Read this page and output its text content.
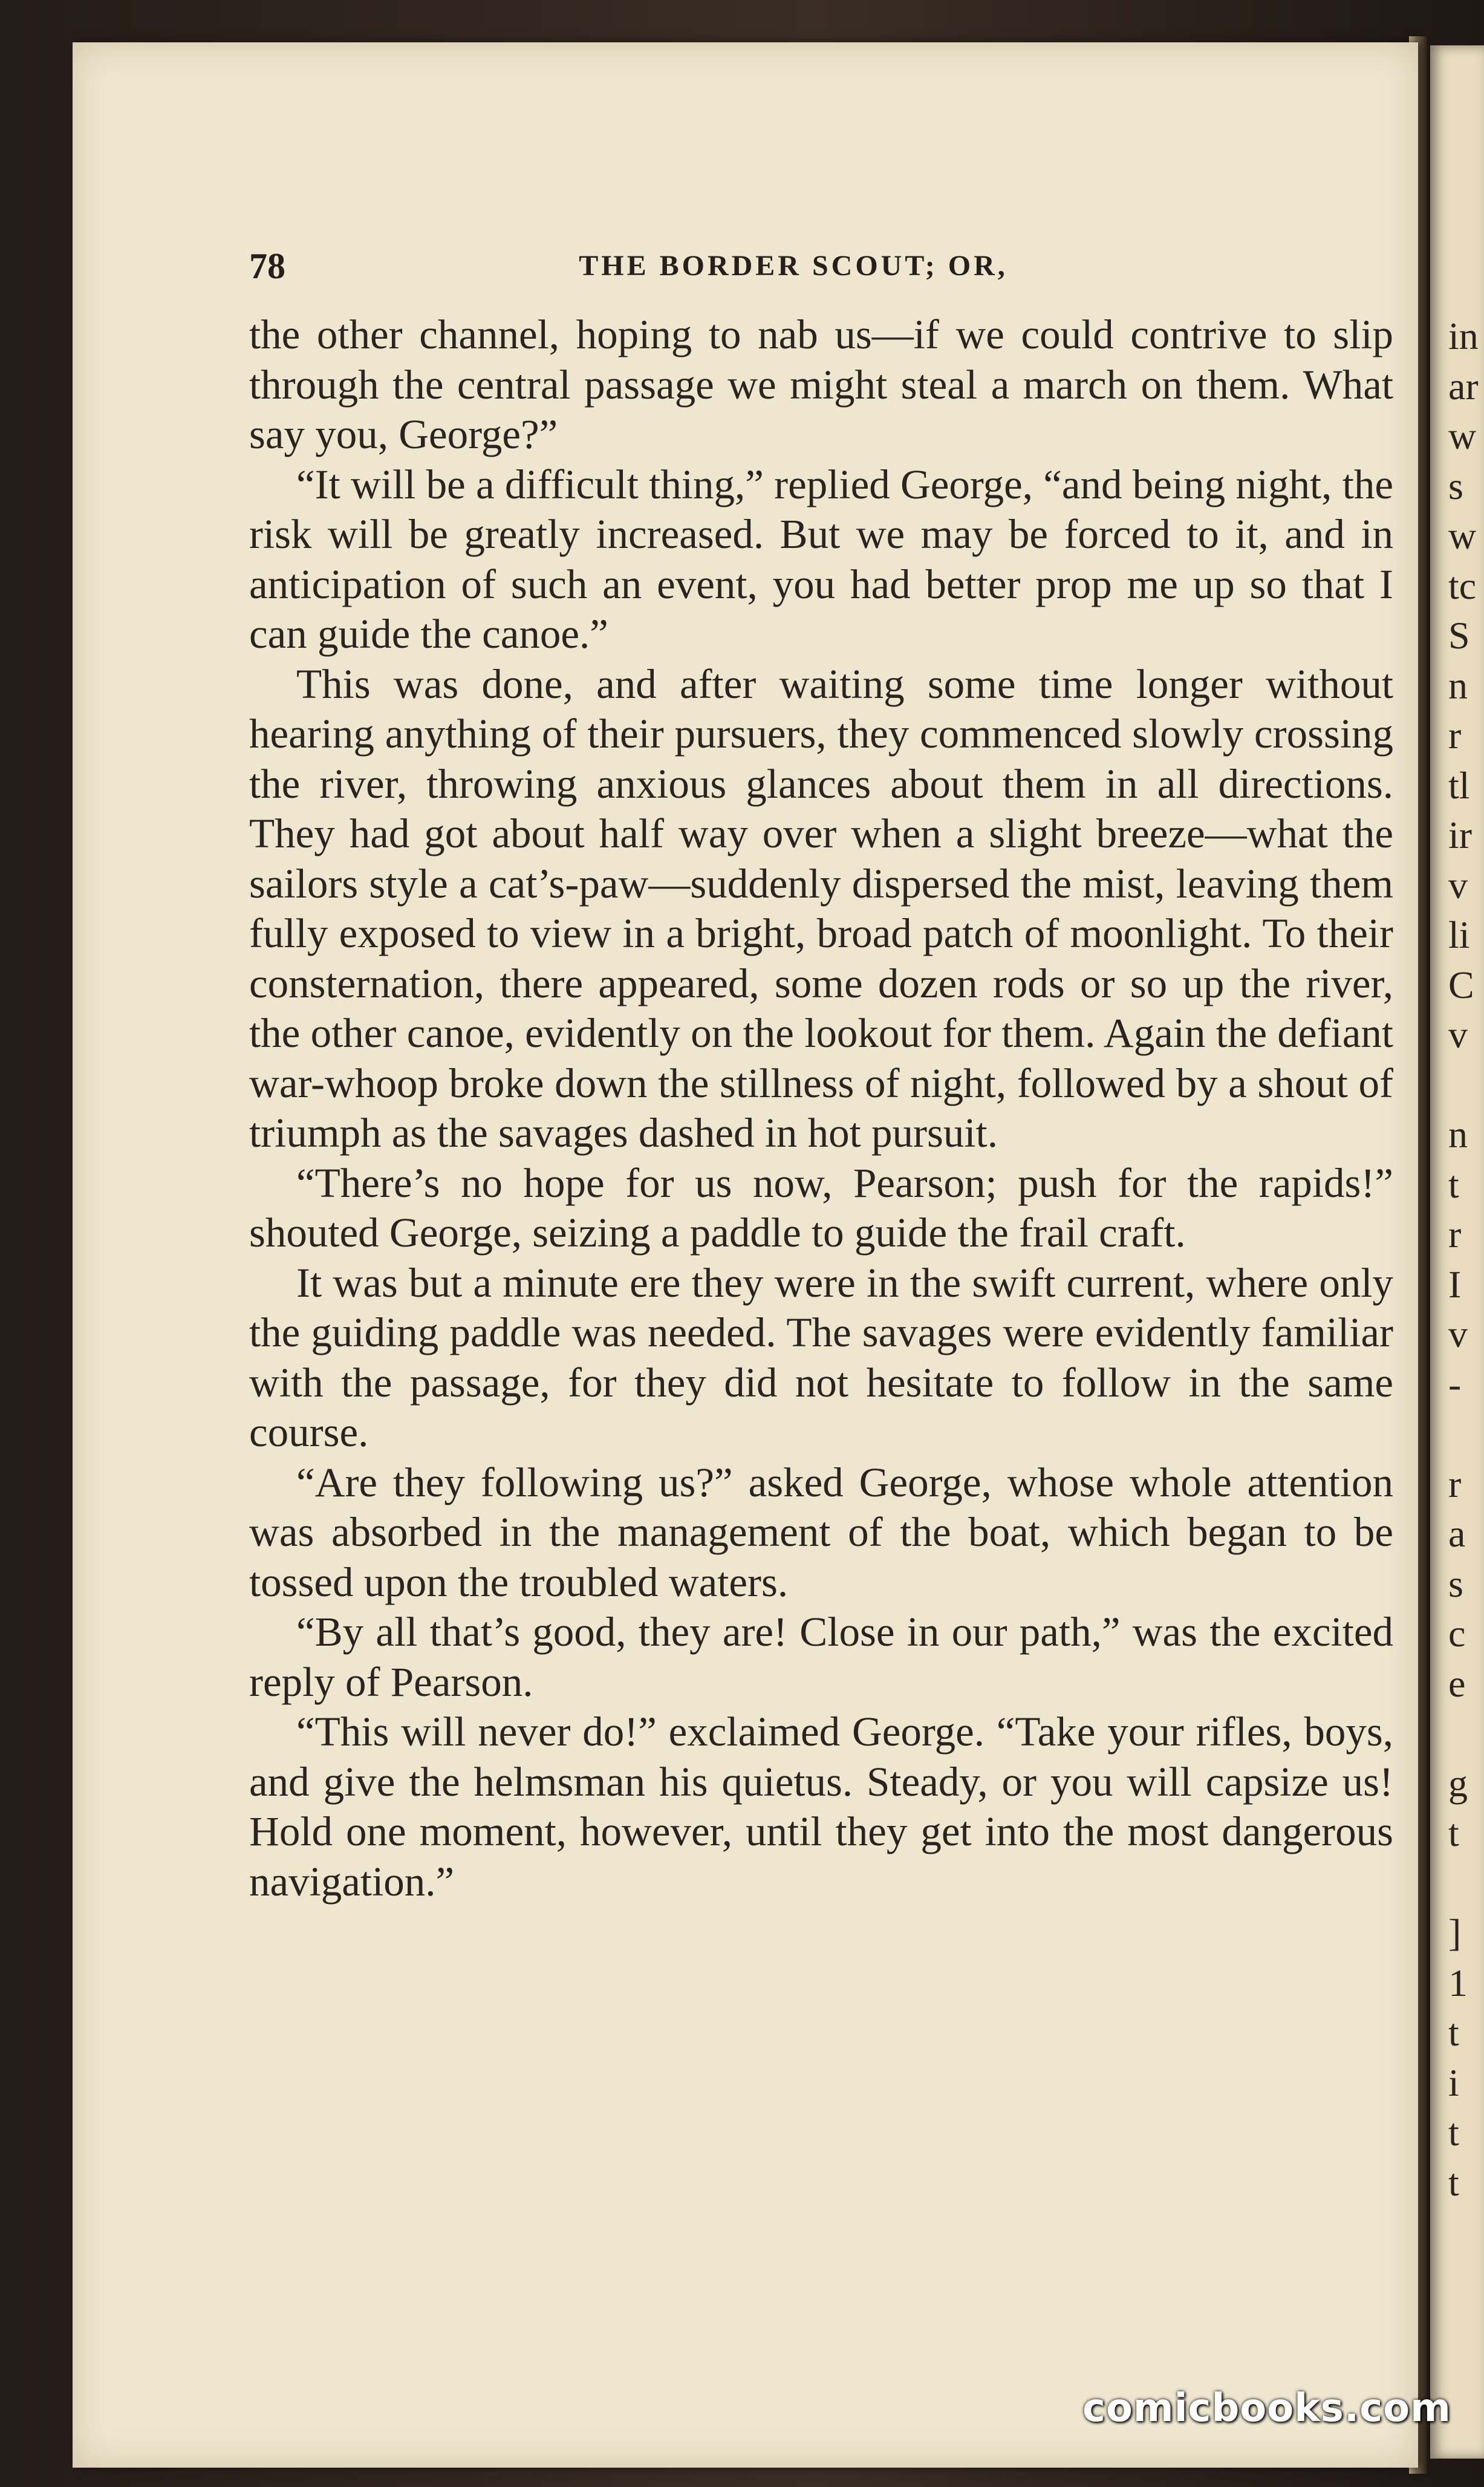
in
ar
w
s
w
tc
S
n
r
tl
ir
v
li
C
v
n
t
r
I
v
-
r
a
s
c
e
g
t
]
1
t
i
t
t
78	THE BORDER SCOUT; OR,

the other channel, hoping to nab us—if we could contrive to slip through the central passage we might steal a march on them. What say you, George?”

“It will be a difficult thing,” replied George, “and being night, the risk will be greatly increased. But we may be forced to it, and in anticipation of such an event, you had better prop me up so that I can guide the canoe.”

This was done, and after waiting some time longer without hearing anything of their pursuers, they commenced slowly crossing the river, throwing anxious glances about them in all directions. They had got about half way over when a slight breeze—what the sailors style a cat’s-paw—suddenly dispersed the mist, leaving them fully exposed to view in a bright, broad patch of moonlight. To their consternation, there appeared, some dozen rods or so up the river, the other canoe, evidently on the lookout for them. Again the defiant war-whoop broke down the stillness of night, followed by a shout of triumph as the savages dashed in hot pursuit.

“There’s no hope for us now, Pearson; push for the rapids!” shouted George, seizing a paddle to guide the frail craft.

It was but a minute ere they were in the swift current, where only the guiding paddle was needed. The savages were evidently familiar with the passage, for they did not hesitate to follow in the same course.

“Are they following us?” asked George, whose whole attention was absorbed in the management of the boat, which began to be tossed upon the troubled waters.

“By all that’s good, they are! Close in our path,” was the excited reply of Pearson.

“This will never do!” exclaimed George. “Take your rifles, boys, and give the helmsman his quietus. Steady, or you will capsize us! Hold one moment, however, until they get into the most dangerous navigation.”

comicbooks.com
